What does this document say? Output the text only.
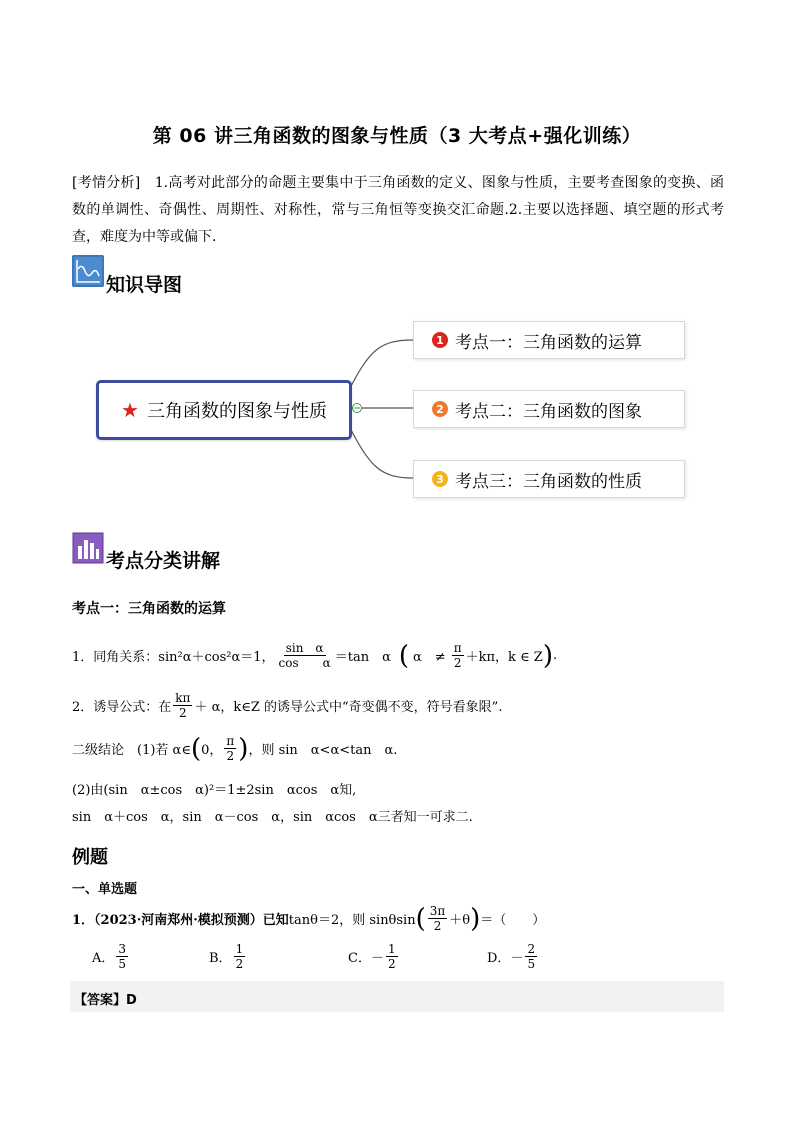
第 06 讲三角函数的图象与性质（3 大考点+强化训练）
[考情分析]　1.高考对此部分的命题主要集中于三角函数的定义、图象与性质，主要考查图象的变换、函数的单调性、奇偶性、周期性、对称性，常与三角恒等变换交汇命题.2.主要以选择题、填空题的形式考查，难度为中等或偏下．
知识导图
★ 三角函数的图象与性质
1 考点一：三角函数的运算
2 考点二：三角函数的图象
3 考点三：三角函数的性质
考点分类讲解
考点一：三角函数的运算
1．同角关系： sin²α＋cos²α＝1， $\frac{\text{sin　α}}{\text{cos　　α}} =\tan$　α ( α　≠ $\frac{\pi}{2} +k\pi$，k ∈ Z ) .
2．诱导公式：在 $\frac{k\pi}{2} + \alpha$，k∈Z 的诱导公式中“奇变偶不变，符号看象限”.
二级结论　(1)若 α∈ ( 0， $\frac{\pi}{2}$ ) ，则 sin　α<α<tan　α.
(2)由(sin　α±cos　α)²＝1±2sin　αcos　α知,
sin　α＋cos　α，sin　α－cos　α，sin　αcos　α三者知一可求二.
例题
一、单选题
1．（2023·河南郑州·模拟预测）已知 tanθ＝2，则 sinθsin ( $\frac{3\pi}{2} +\theta$ ) ＝（　　）
A． $\frac{3}{5}$	B． $\frac{1}{2}$	C． － $\frac{1}{2}$	D． － $\frac{2}{5}$
【答案】D
